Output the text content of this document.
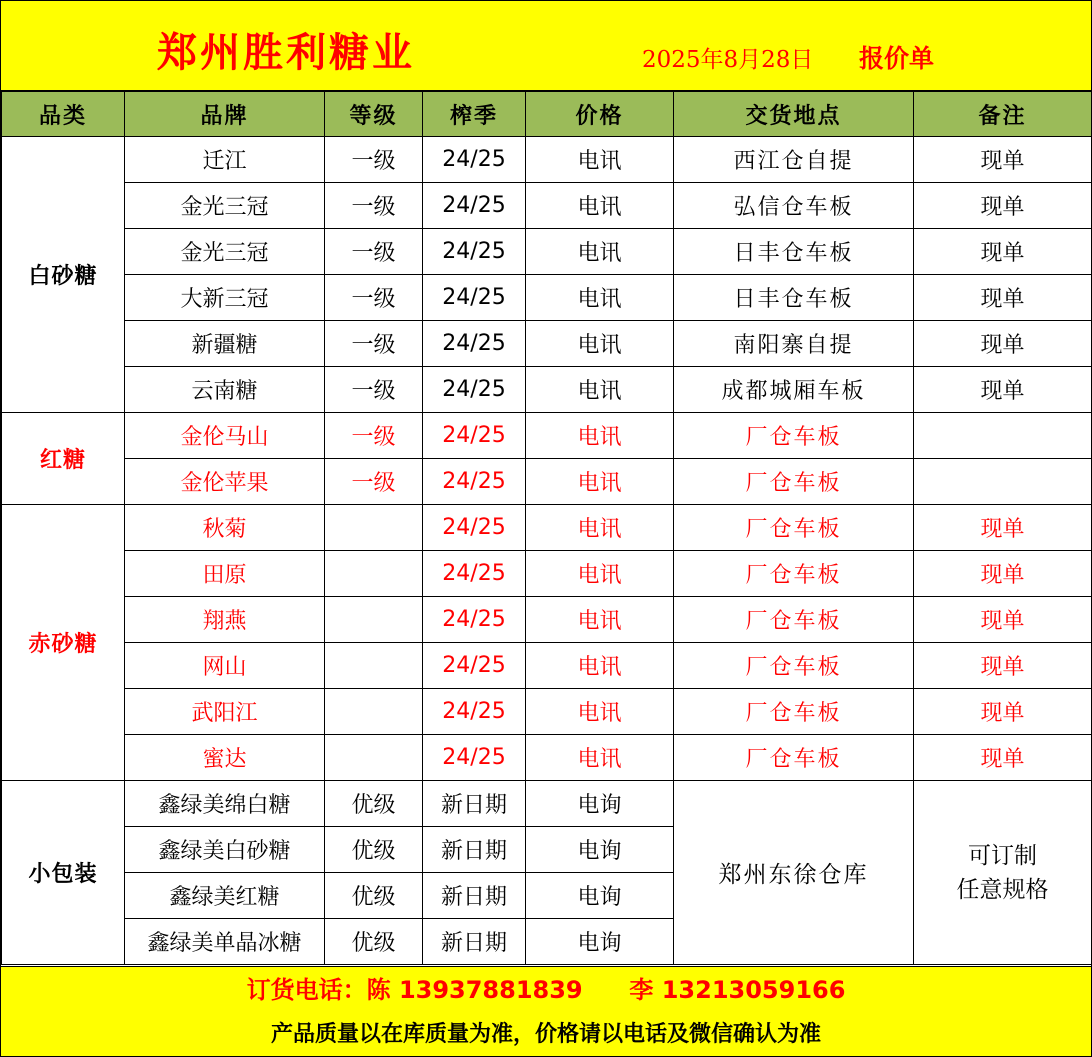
郑州胜利糖业	2025年8月28日 报价单
品类	品牌	等级	榨季	价格	交货地点	备注
白砂糖	迁江	一级	24/25	电讯	西江仓自提	现单
	金光三冠	一级	24/25	电讯	弘信仓车板	现单
	金光三冠	一级	24/25	电讯	日丰仓车板	现单
	大新三冠	一级	24/25	电讯	日丰仓车板	现单
	新疆糖	一级	24/25	电讯	南阳寨自提	现单
	云南糖	一级	24/25	电讯	成都城厢车板	现单
红糖	金伦马山	一级	24/25	电讯	厂仓车板	
	金伦苹果	一级	24/25	电讯	厂仓车板	
赤砂糖	秋菊		24/25	电讯	厂仓车板	现单
	田原		24/25	电讯	厂仓车板	现单
	翔燕		24/25	电讯	厂仓车板	现单
	网山		24/25	电讯	厂仓车板	现单
	武阳江		24/25	电讯	厂仓车板	现单
	蜜达		24/25	电讯	厂仓车板	现单
小包装	鑫绿美绵白糖	优级	新日期	电询	郑州东徐仓库	可订制
任意规格

	鑫绿美白砂糖	优级	新日期	电询		
	鑫绿美红糖	优级	新日期	电询		
	鑫绿美单晶冰糖	优级	新日期	电询		
订货电话：陈 13937881839 李 13213059166
产品质量以在库质量为准，价格请以电话及微信确认为准
